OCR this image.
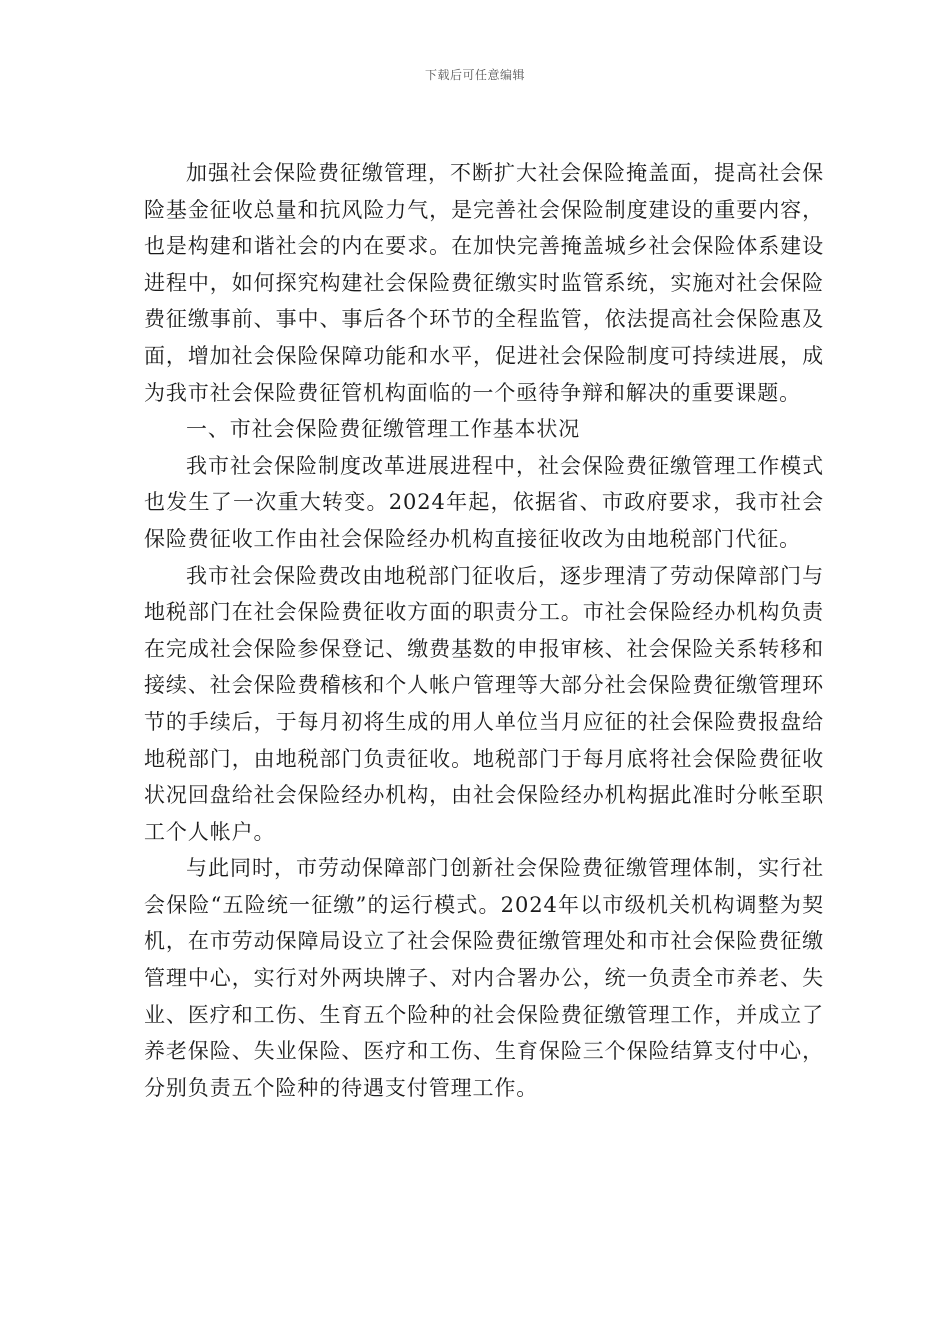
下载后可任意编辑

加强社会保险费征缴管理，不断扩大社会保险掩盖面，提高社会保险基金征收总量和抗风险力气，是完善社会保险制度建设的重要内容，也是构建和谐社会的内在要求。在加快完善掩盖城乡社会保险体系建设进程中，如何探究构建社会保险费征缴实时监管系统，实施对社会保险费征缴事前、事中、事后各个环节的全程监管，依法提高社会保险惠及面，增加社会保险保障功能和水平，促进社会保险制度可持续进展，成为我市社会保险费征管机构面临的一个亟待争辩和解决的重要课题。

一、市社会保险费征缴管理工作基本状况

我市社会保险制度改革进展进程中，社会保险费征缴管理工作模式也发生了一次重大转变。2024年起，依据省、市政府要求，我市社会保险费征收工作由社会保险经办机构直接征收改为由地税部门代征。

我市社会保险费改由地税部门征收后，逐步理清了劳动保障部门与地税部门在社会保险费征收方面的职责分工。市社会保险经办机构负责在完成社会保险参保登记、缴费基数的申报审核、社会保险关系转移和接续、社会保险费稽核和个人帐户管理等大部分社会保险费征缴管理环节的手续后，于每月初将生成的用人单位当月应征的社会保险费报盘给地税部门，由地税部门负责征收。地税部门于每月底将社会保险费征收状况回盘给社会保险经办机构，由社会保险经办机构据此准时分帐至职工个人帐户。

与此同时，市劳动保障部门创新社会保险费征缴管理体制，实行社会保险“五险统一征缴”的运行模式。2024年以市级机关机构调整为契机，在市劳动保障局设立了社会保险费征缴管理处和市社会保险费征缴管理中心，实行对外两块牌子、对内合署办公，统一负责全市养老、失业、医疗和工伤、生育五个险种的社会保险费征缴管理工作，并成立了养老保险、失业保险、医疗和工伤、生育保险三个保险结算支付中心，分别负责五个险种的待遇支付管理工作。
